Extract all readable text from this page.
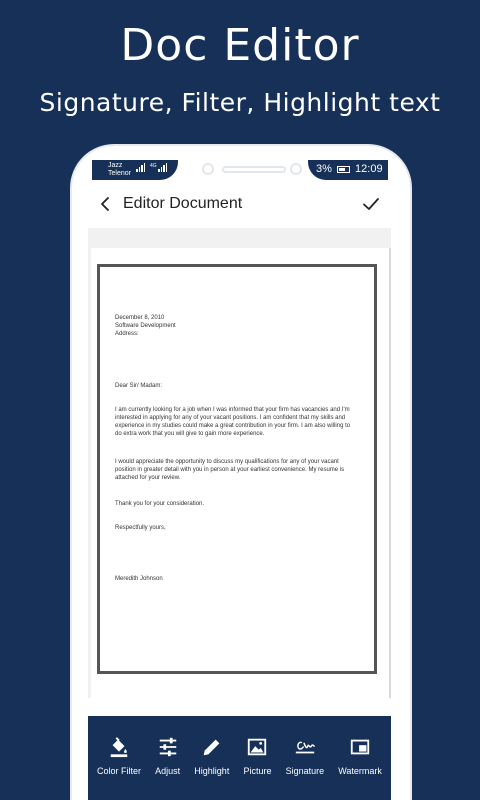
Doc Editor
Signature, Filter, Highlight text
Jazz
Telenor
4G	3% 12:09
Editor Document
December 8, 2010
Software Development
Address:
Dear Sir/ Madam:
I am currently looking for a job when I was informed that your firm has vacancies and I'm interested in applying for any of your vacant positions. I am confident that my skills and experience in my studies could make a great contribution in your firm. I am also willing to do extra work that you will give to gain more experience.
I would appreciate the opportunity to discuss my qualifications for any of your vacant position in greater detail with you in person at your earliest convenience. My resume is attached for your review.
Thank you for your consideration.
Respectfully yours,
Meredith Johnson
Color Filter Adjust Highlight Picture Signature Watermark
